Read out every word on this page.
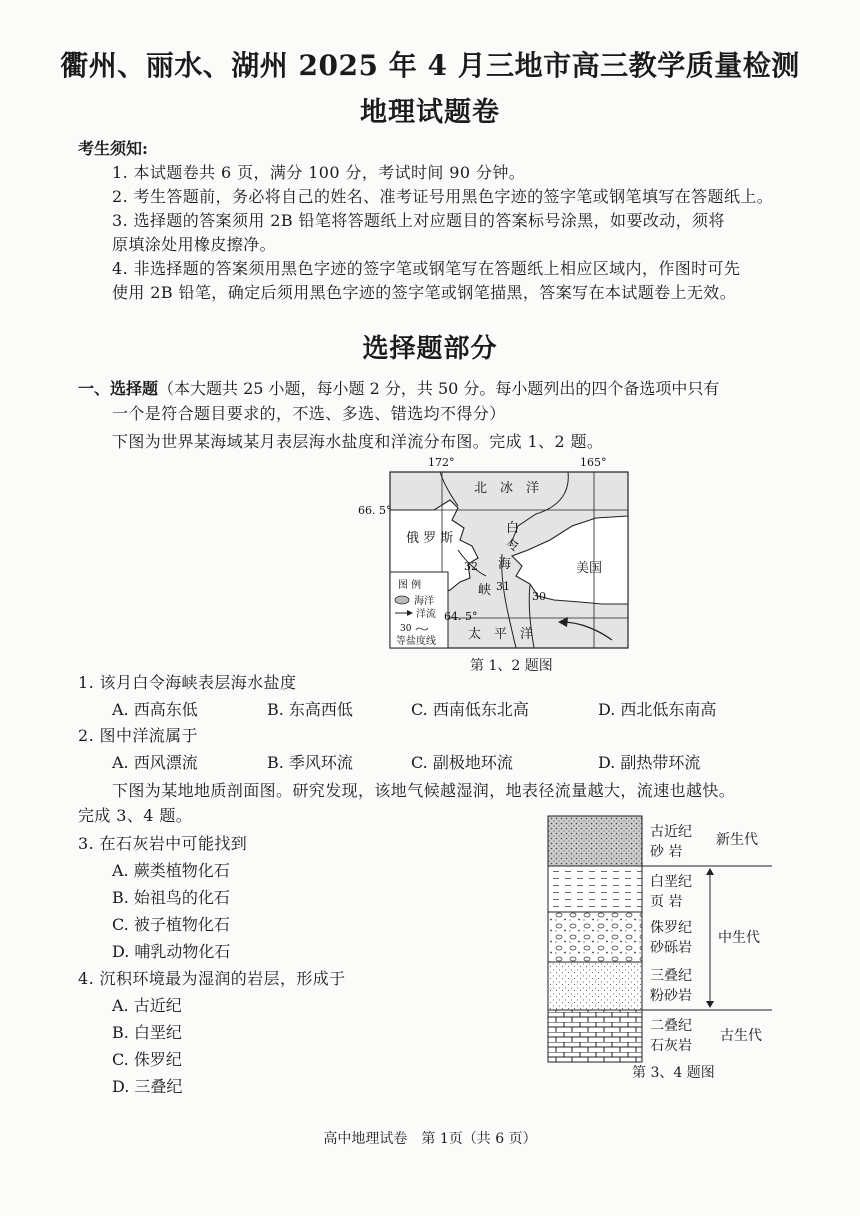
衢州、丽水、湖州 2025 年 4 月三地市高三教学质量检测
地理试题卷
考生须知:
1. 本试题卷共 6 页，满分 100 分，考试时间 90 分钟。
2. 考生答题前，务必将自己的姓名、准考证号用黑色字迹的签字笔或钢笔填写在答题纸上。
3. 选择题的答案须用 2B 铅笔将答题纸上对应题目的答案标号涂黑，如要改动，须将
原填涂处用橡皮擦净。
4. 非选择题的答案须用黑色字迹的签字笔或钢笔写在答题纸上相应区域内，作图时可先
使用 2B 铅笔，确定后须用黑色字迹的签字笔或钢笔描黑，答案写在本试题卷上无效。
选择题部分
一、选择题（本大题共 25 小题，每小题 2 分，共 50 分。每小题列出的四个备选项中只有
一个是符合题目要求的，不选、多选、错选均不得分）
下图为世界某海域某月表层海水盐度和洋流分布图。完成 1、2 题。
66. 5°
172°	165°
64. 5°
北　冰　洋
俄 罗 斯
白
令
海
峡
美国
太　平　洋
32
31
30
图 例
海洋
洋流
30
等盐度线
第 1、2 题图
1. 该月白令海峡表层海水盐度
A. 西高东低	B. 东高西低	C. 西南低东北高	D. 西北低东南高
2. 图中洋流属于
A. 西风漂流	B. 季风环流	C. 副极地环流	D. 副热带环流
下图为某地地质剖面图。研究发现，该地气候越湿润，地表径流量越大，流速也越快。
完成 3、4 题。
3. 在石灰岩中可能找到
A. 蕨类植物化石
B. 始祖鸟的化石
C. 被子植物化石
D. 哺乳动物化石
4. 沉积环境最为湿润的岩层，形成于
A. 古近纪
B. 白垩纪
C. 侏罗纪
D. 三叠纪
古近纪
砂 岩
白垩纪
页 岩
侏罗纪
砂砾岩
三叠纪
粉砂岩
二叠纪
石灰岩
新生代
中生代
古生代
第 3、4 题图
高中地理试卷　第 1页（共 6 页）
